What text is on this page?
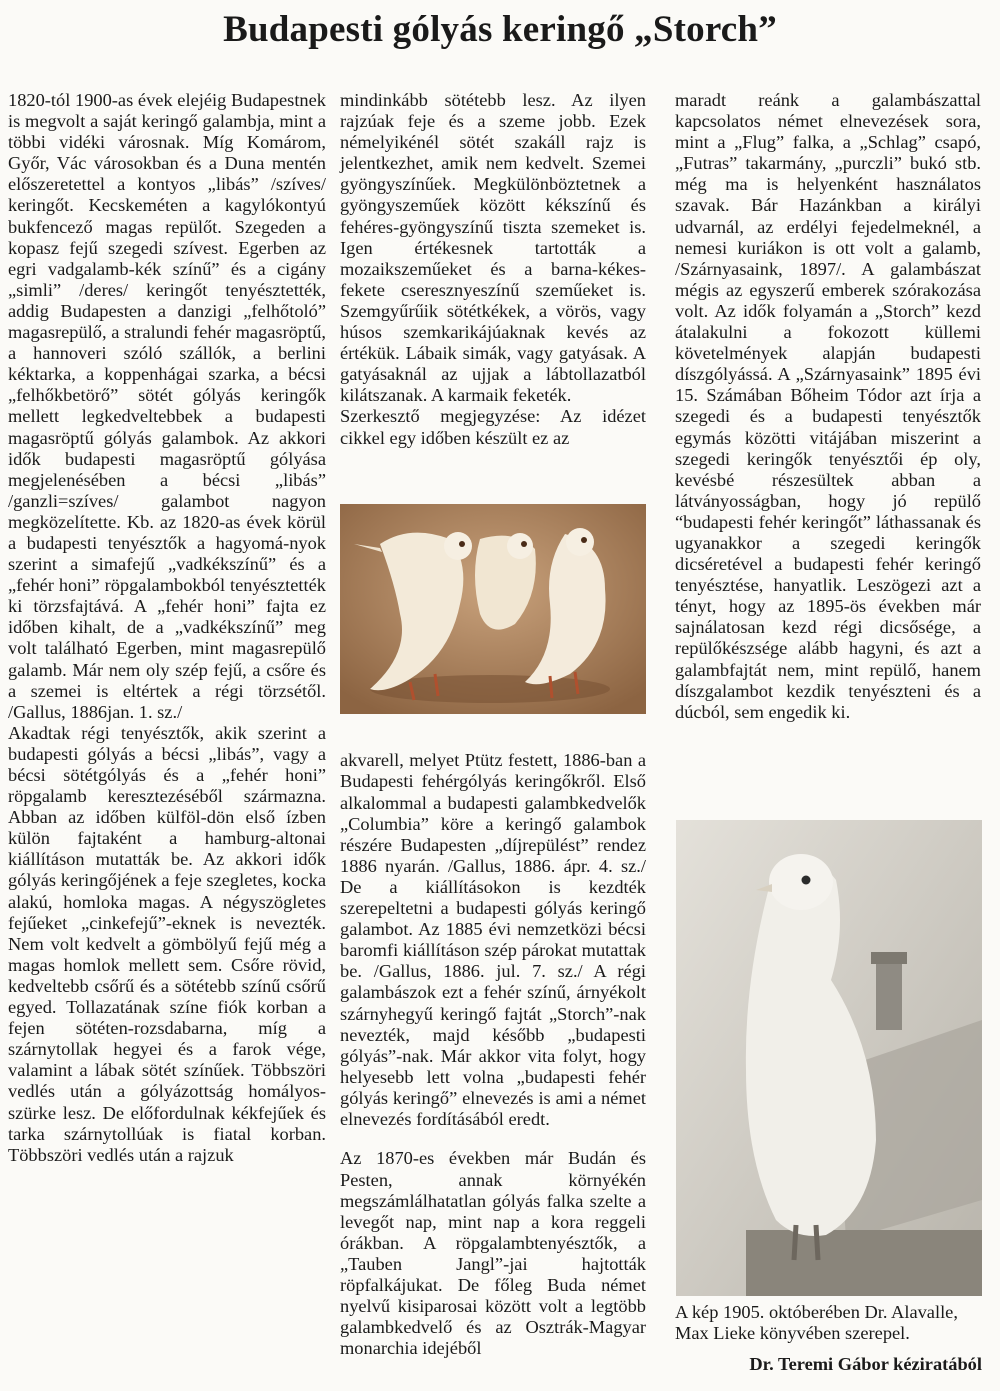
Budapesti gólyás keringő „Storch”

1820-tól 1900-as évek elejéig Budapestnek is megvolt a saját keringő galambja, mint a többi vidéki városnak. Míg Komárom, Győr, Vác városokban és a Duna mentén előszeretettel a kontyos „libás” /szíves/ keringőt. Kecskeméten a kagylókontyú bukfencező magas repülőt. Szegeden a kopasz fejű szegedi szívest. Egerben az egri vadgalamb-kék színű” és a cigány „simli” /deres/ keringőt tenyésztették, addig Budapesten a danzigi „felhőtoló” magasrepülő, a stralundi fehér magasröptű, a hannoveri szóló szállók, a berlini kéktarka, a koppenhágai szarka, a bécsi „felhőkbetörő” sötét gólyás keringők mellett legkedveltebbek a budapesti magasröptű gólyás galambok. Az akkori idők budapesti magasröptű gólyása megjelenésében a bécsi „libás” /ganzli=szíves/ galambot nagyon megközelítette. Kb. az 1820-as évek körül a budapesti tenyésztők a hagyomá-nyok szerint a simafejű „vadkékszínű” és a „fehér honi” röpgalambokból tenyésztették ki törzsfajtává. A „fehér honi” fajta ez időben kihalt, de a „vadkékszínű” meg volt található Egerben, mint magasrepülő galamb. Már nem oly szép fejű, a csőre és a szemei is eltértek a régi törzsétől. /Gallus, 1886jan. 1. sz./

Akadtak régi tenyésztők, akik szerint a budapesti gólyás a bécsi „libás”, vagy a bécsi sötétgólyás és a „fehér honi” röpgalamb keresztezéséből származna. Abban az időben külföl-dön első ízben külön fajtaként a hamburg-altonai kiállításon mutatták be. Az akkori idők gólyás keringőjének a feje szegletes, kocka alakú, homloka magas. A négyszögletes fejűeket „cinkefejű”-eknek is nevezték. Nem volt kedvelt a gömbölyű fejű még a magas homlok mellett sem. Csőre rövid, kedveltebb csőrű és a sötétebb színű csőrű egyed. Tollazatának színe fiók korban a fejen sötéten-rozsdabarna, míg a szárnytollak hegyei és a farok vége, valamint a lábak sötét színűek. Többszöri vedlés után a gólyázottság homályos-szürke lesz. De előfordulnak kékfejűek és tarka szárnytollúak is fiatal korban. Többszöri vedlés után a rajzuk

mindinkább sötétebb lesz. Az ilyen rajzúak feje és a szeme jobb. Ezek némelyikénél sötét szakáll rajz is jelentkezhet, amik nem kedvelt. Szemei gyöngyszínűek. Megkülönböztetnek a gyöngyszeműek között kékszínű és fehéres-gyöngyszínű tiszta szemeket is. Igen értékesnek tartották a mozaikszeműeket és a barna-kékes-fekete cseresznyeszínű szeműeket is. Szemgyűrűik sötétkékek, a vörös, vagy húsos szemkarikájúaknak kevés az értékük. Lábaik simák, vagy gatyásak. A gatyásaknál az ujjak a lábtollazatból kilátszanak. A karmaik feketék.

Szerkesztő megjegyzése: Az idézet cikkel egy időben készült ez az

akvarell, melyet Ptütz festett, 1886-ban a Budapesti fehérgólyás keringőkről. Első alkalommal a budapesti galambkedvelők „Columbia” köre a keringő galambok részére Budapesten „díjrepülést” rendez 1886 nyarán. /Gallus, 1886. ápr. 4. sz./ De a kiállításokon is kezdték szerepeltetni a budapesti gólyás keringő galambot. Az 1885 évi nemzetközi bécsi baromfi kiállításon szép párokat mutattak be. /Gallus, 1886. jul. 7. sz./ A régi galambászok ezt a fehér színű, árnyékolt szárnyhegyű keringő fajtát „Storch”-nak nevezték, majd később „budapesti gólyás”-nak. Már akkor vita folyt, hogy helyesebb lett volna „budapesti fehér gólyás keringő” elnevezés is ami a német elnevezés fordításából eredt.

Az 1870-es években már Budán és Pesten, annak környékén megszámlálhatatlan gólyás falka szelte a levegőt nap, mint nap a kora reggeli órákban. A röpgalambtenyésztők, a „Tauben Jangl”-jai hajtották röpfalkájukat. De főleg Buda német nyelvű kisiparosai között volt a legtöbb galambkedvelő és az Osztrák-Magyar monarchia idejéből

maradt reánk a galambászattal kapcsolatos német elnevezések sora, mint a „Flug” falka, a „Schlag” csapó, „Futras” takarmány, „purczli” bukó stb. még ma is helyenként használatos szavak. Bár Hazánkban a királyi udvarnál, az erdélyi fejedelmeknél, a nemesi kuriákon is ott volt a galamb, /Szárnyasaink, 1897/. A galambászat mégis az egyszerű emberek szórakozása volt. Az idők folyamán a „Storch” kezd átalakulni a fokozott küllemi követelmények alapján budapesti díszgólyássá. A „Szárnyasaink” 1895 évi 15. Számában Bőheim Tódor azt írja a szegedi és a budapesti tenyésztők egymás közötti vitájában miszerint a szegedi keringők tenyésztői ép oly, kevésbé részesültek abban a látványosságban, hogy jó repülő “budapesti fehér keringőt” láthassanak és ugyanakkor a szegedi keringők dicséretével a budapesti fehér keringő tenyésztése, hanyatlik. Leszögezi azt a tényt, hogy az 1895-ös években már sajnálatosan kezd régi dicsősége, a repülőkészsége alább hagyni, és azt a galambfajtát nem, mint repülő, hanem díszgalambot kezdik tenyészteni és a dúcból, sem engedik ki.

A kép 1905. októberében Dr. Alavalle, Max Lieke könyvében szerepel.
Dr. Teremi Gábor kéziratából
